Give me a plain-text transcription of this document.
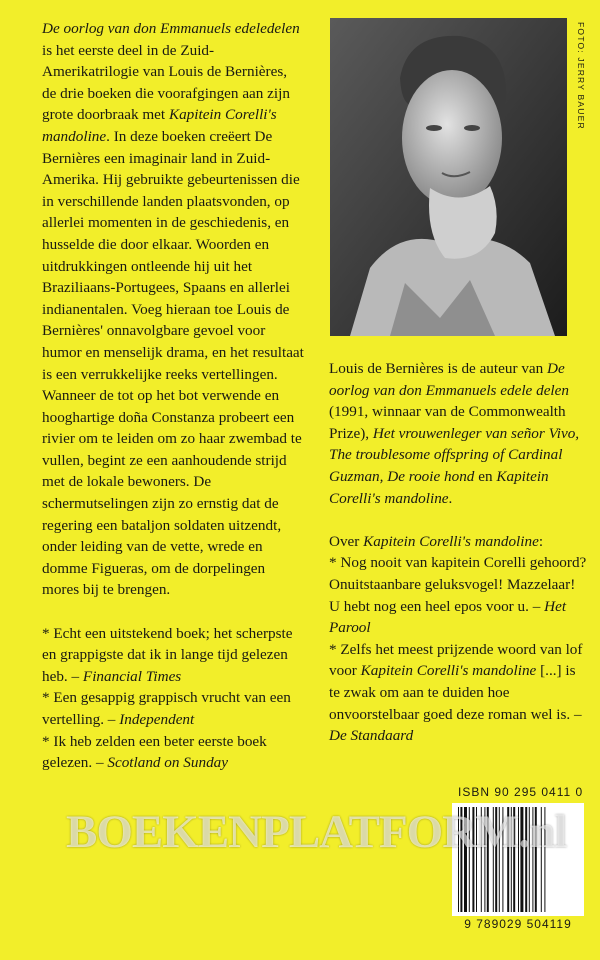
De oorlog van don Emmanuels edeledelen is het eerste deel in de Zuid-Amerikatrilogie van Louis de Bernières, de drie boeken die voorafgingen aan zijn grote doorbraak met Kapitein Corelli's mandoline. In deze boeken creëert De Bernières een imaginair land in Zuid-Amerika. Hij gebruikte gebeurtenissen die in verschillende landen plaatsvonden, op allerlei momenten in de geschiedenis, en husselde die door elkaar. Woorden en uitdrukkingen ontleende hij uit het Braziliaans-Portugees, Spaans en allerlei indianentalen. Voeg hieraan toe Louis de Bernières' onnavolgbare gevoel voor humor en menselijk drama, en het resultaat is een verrukkelijke reeks vertellingen.

Wanneer de tot op het bot verwende en hooghartige doña Constanza probeert een rivier om te leiden om zo haar zwembad te vullen, begint ze een aanhoudende strijd met de lokale bewoners. De schermutselingen zijn zo ernstig dat de regering een bataljon soldaten uitzendt, onder leiding van de vette, wrede en domme Figueras, om de dorpelingen mores bij te brengen.

* Echt een uitstekend boek; het scherpste en grappigste dat ik in lange tijd gelezen heb. – Financial Times

* Een gesappig grappisch vrucht van een vertelling. – Independent

* Ik heb zelden een beter eerste boek gelezen. – Scotland on Sunday

FOTO: JERRY BAUER

Louis de Bernières is de auteur van De oorlog van don Emmanuels edele delen (1991, winnaar van de Commonwealth Prize), Het vrouwenleger van señor Vivo, The troublesome offspring of Cardinal Guzman, De rooie hond en Kapitein Corelli's mandoline.

Over Kapitein Corelli's mandoline:

* Nog nooit van kapitein Corelli gehoord? Onuitstaanbare geluksvogel! Mazzelaar! U hebt nog een heel epos voor u. – Het Parool

* Zelfs het meest prijzende woord van lof voor Kapitein Corelli's mandoline [...] is te zwak om aan te duiden hoe onvoorstelbaar goed deze roman wel is. – De Standaard

ISBN 90 295 0411 0
9 789029 504119
BOEKENPLATFORM.nl
